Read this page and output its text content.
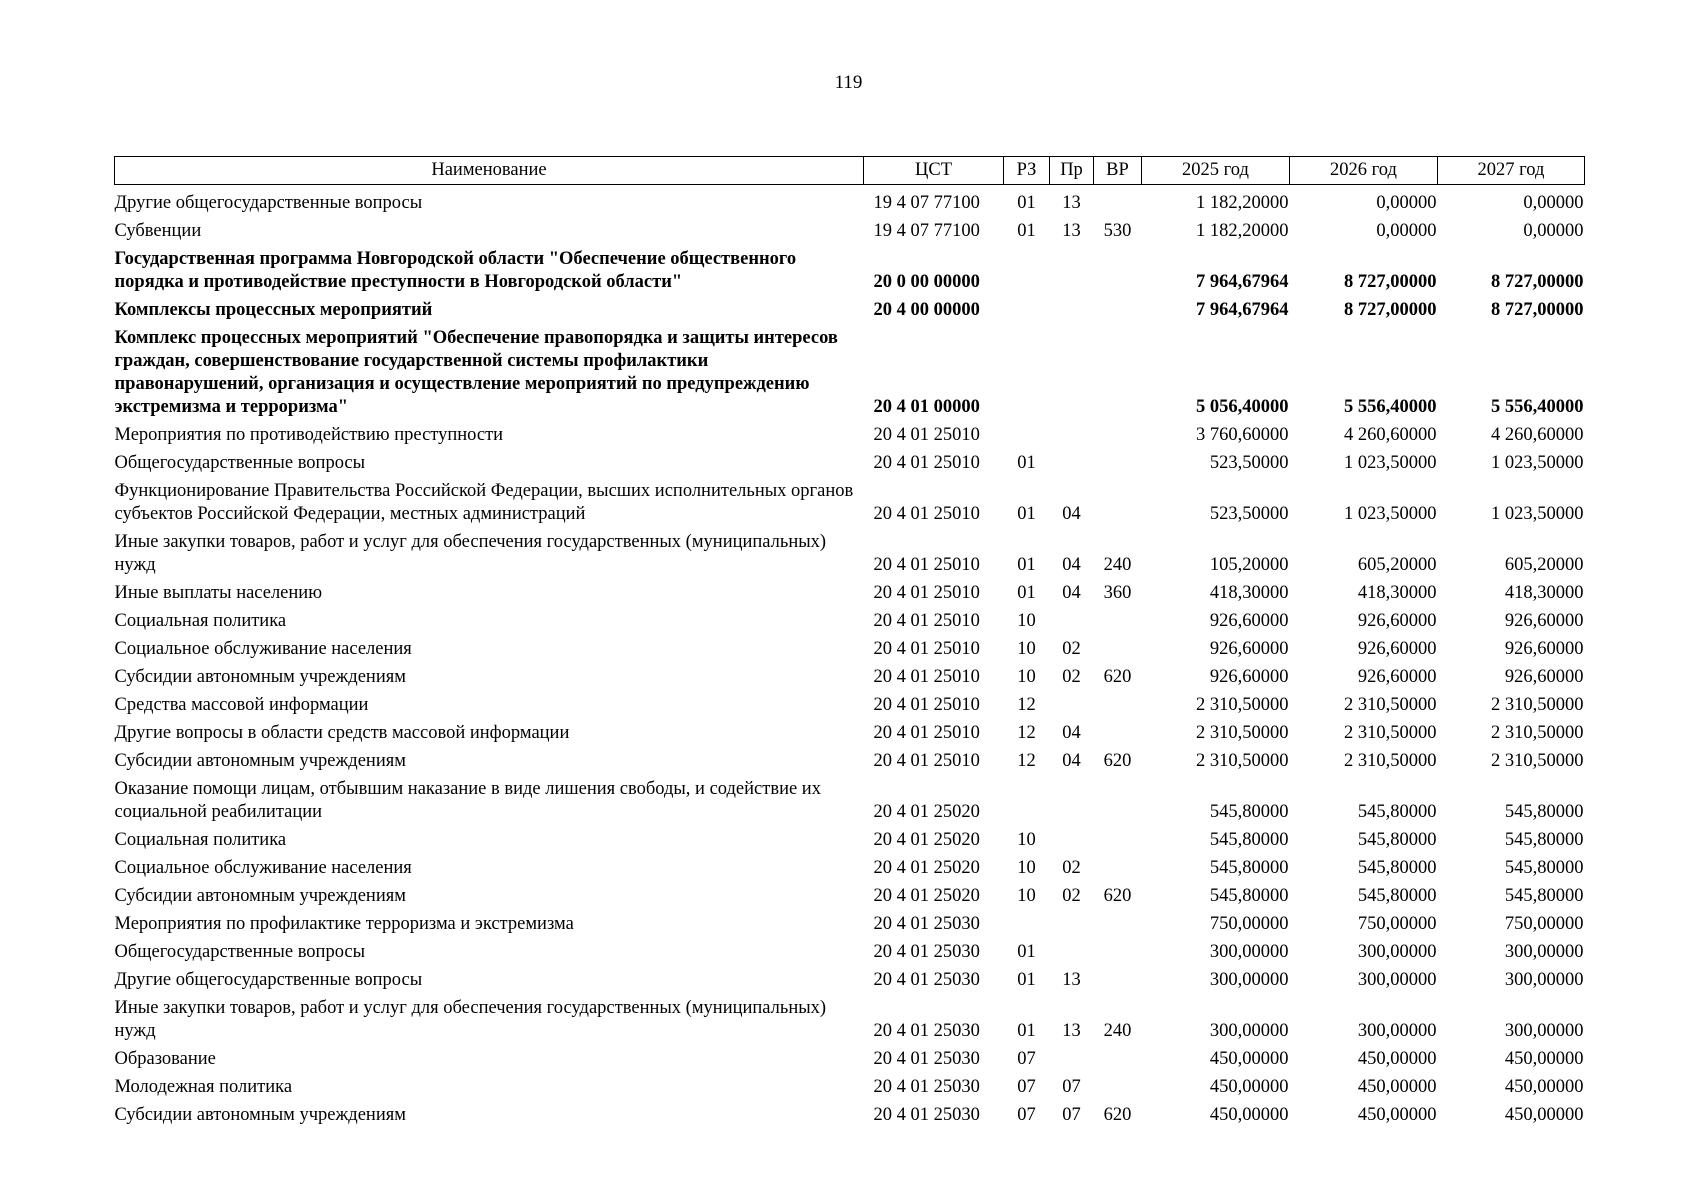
119
Наименование	ЦСТ	РЗ	Пр	ВР	2025 год	2026 год	2027 год
Другие общегосударственные вопросы	19 4 07 77100	01	13		1 182,20000	0,00000	0,00000
Субвенции	19 4 07 77100	01	13	530	1 182,20000	0,00000	0,00000
Государственная программа Новгородской области "Обеспечение общественного порядка и противодействие преступности в Новгородской области"	20 0 00 00000				7 964,67964	8 727,00000	8 727,00000
Комплексы процессных мероприятий	20 4 00 00000				7 964,67964	8 727,00000	8 727,00000
Комплекс процессных мероприятий "Обеспечение правопорядка и защиты интересов граждан, совершенствование государственной системы профилактики правонарушений, организация и осуществление мероприятий по предупреждению экстремизма и терроризма"	20 4 01 00000				5 056,40000	5 556,40000	5 556,40000
Мероприятия по противодействию преступности	20 4 01 25010				3 760,60000	4 260,60000	4 260,60000
Общегосударственные вопросы	20 4 01 25010	01			523,50000	1 023,50000	1 023,50000
Функционирование Правительства Российской Федерации, высших исполнительных органов субъектов Российской Федерации, местных администраций	20 4 01 25010	01	04		523,50000	1 023,50000	1 023,50000
Иные закупки товаров, работ и услуг для обеспечения государственных (муниципальных) нужд	20 4 01 25010	01	04	240	105,20000	605,20000	605,20000
Иные выплаты населению	20 4 01 25010	01	04	360	418,30000	418,30000	418,30000
Социальная политика	20 4 01 25010	10			926,60000	926,60000	926,60000
Социальное обслуживание населения	20 4 01 25010	10	02		926,60000	926,60000	926,60000
Субсидии автономным учреждениям	20 4 01 25010	10	02	620	926,60000	926,60000	926,60000
Средства массовой информации	20 4 01 25010	12			2 310,50000	2 310,50000	2 310,50000
Другие вопросы в области средств массовой информации	20 4 01 25010	12	04		2 310,50000	2 310,50000	2 310,50000
Субсидии автономным учреждениям	20 4 01 25010	12	04	620	2 310,50000	2 310,50000	2 310,50000
Оказание помощи лицам, отбывшим наказание в виде лишения свободы, и содействие их социальной реабилитации	20 4 01 25020				545,80000	545,80000	545,80000
Социальная политика	20 4 01 25020	10			545,80000	545,80000	545,80000
Социальное обслуживание населения	20 4 01 25020	10	02		545,80000	545,80000	545,80000
Субсидии автономным учреждениям	20 4 01 25020	10	02	620	545,80000	545,80000	545,80000
Мероприятия по профилактике терроризма и экстремизма	20 4 01 25030				750,00000	750,00000	750,00000
Общегосударственные вопросы	20 4 01 25030	01			300,00000	300,00000	300,00000
Другие общегосударственные вопросы	20 4 01 25030	01	13		300,00000	300,00000	300,00000
Иные закупки товаров, работ и услуг для обеспечения государственных (муниципальных) нужд	20 4 01 25030	01	13	240	300,00000	300,00000	300,00000
Образование	20 4 01 25030	07			450,00000	450,00000	450,00000
Молодежная политика	20 4 01 25030	07	07		450,00000	450,00000	450,00000
Субсидии автономным учреждениям	20 4 01 25030	07	07	620	450,00000	450,00000	450,00000
